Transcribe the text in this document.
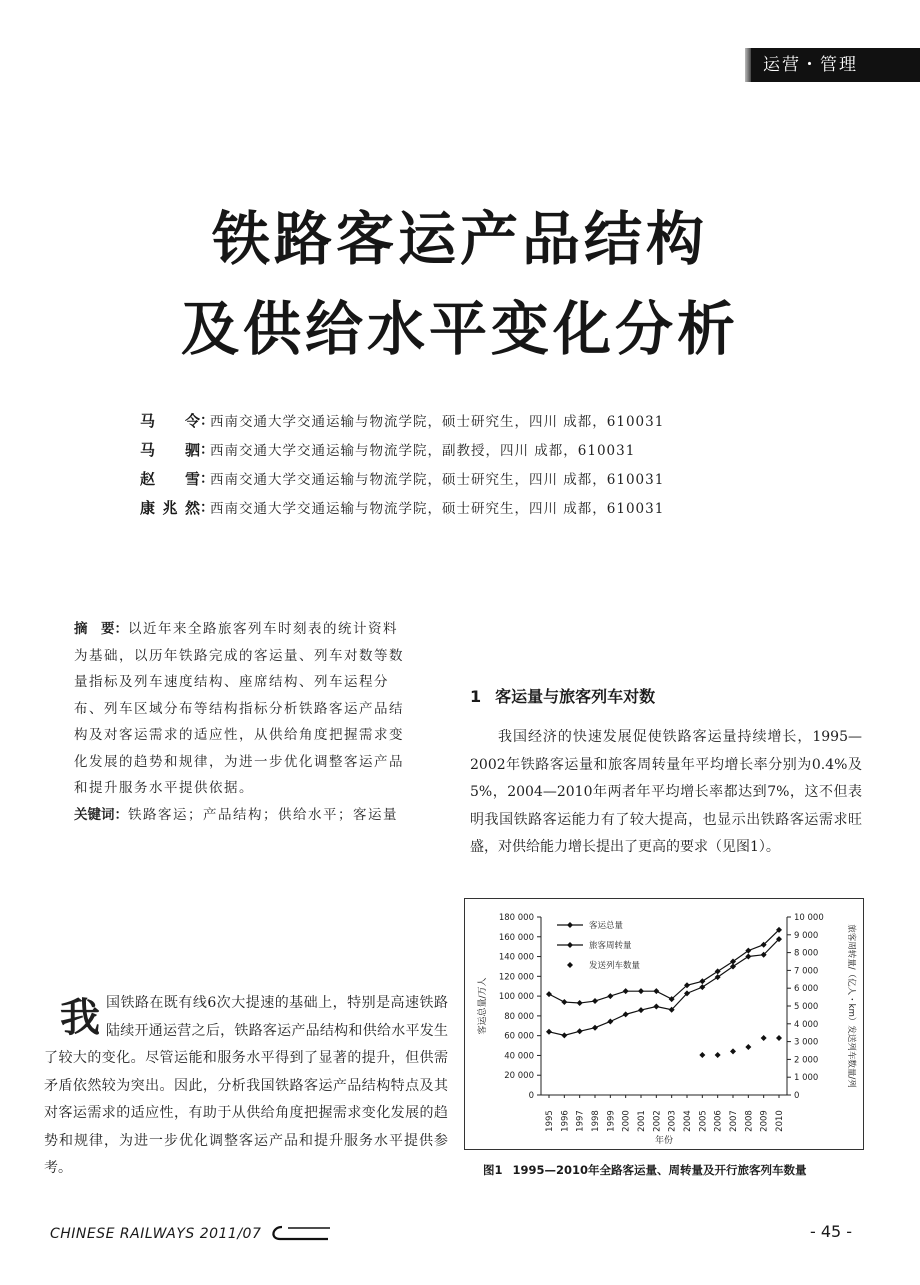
运营・管理
铁路客运产品结构
及供给水平变化分析
马　令 ：
西南交通大学交通运输与物流学院，硕士研究生，四川 成都，610031
马　驷 ：
西南交通大学交通运输与物流学院，副教授，四川 成都，610031
赵　雪 ：
西南交通大学交通运输与物流学院，硕士研究生，四川 成都，610031
康兆然 ：
西南交通大学交通运输与物流学院，硕士研究生，四川 成都，610031
摘　要：以近年来全路旅客列车时刻表的统计资料为基础，以历年铁路完成的客运量、列车对数等数量指标及列车速度结构、座席结构、列车运程分布、列车区域分布等结构指标分析铁路客运产品结构及对客运需求的适应性，从供给角度把握需求变化发展的趋势和规律，为进一步优化调整客运产品和提升服务水平提供依据。
关键词：铁路客运；产品结构；供给水平；客运量
我国铁路在既有线6次大提速的基础上，特别是高速铁路陆续开通运营之后，铁路客运产品结构和供给水平发生了较大的变化。尽管运能和服务水平得到了显著的提升，但供需矛盾依然较为突出。因此，分析我国铁路客运产品结构特点及其对客运需求的适应性，有助于从供给角度把握需求变化发展的趋势和规律，为进一步优化调整客运产品和提升服务水平提供参考。
1 客运量与旅客列车对数
我国经济的快速发展促使铁路客运量持续增长，1995—2002年铁路客运量和旅客周转量年平均增长率分别为0.4%及5%，2004—2010年两者年平均增长率都达到7%，这不但表明我国铁路客运能力有了较大提高，也显示出铁路客运需求旺盛，对供给能力增长提出了更高的要求（见图1）。
0
20 000
40 000
60 000
80 000
100 000
120 000
140 000
160 000
180 000
0
1 000
2 000
3 000
4 000
5 000
6 000
7 000
8 000
9 000
10 000
1995 1996 1997 1998 1999 2000 2001 2002 2003 2004 2005 2006 2007 2008 2009 2010
年份
客运总量/万人	旅客周转量/（亿人・km）发送列车数量/列
客运总量
旅客周转量
发送列车数量
图1 1995—2010年全路客运量、周转量及开行旅客列车数量
CHINESE RAILWAYS 2011/07	- 45 -
